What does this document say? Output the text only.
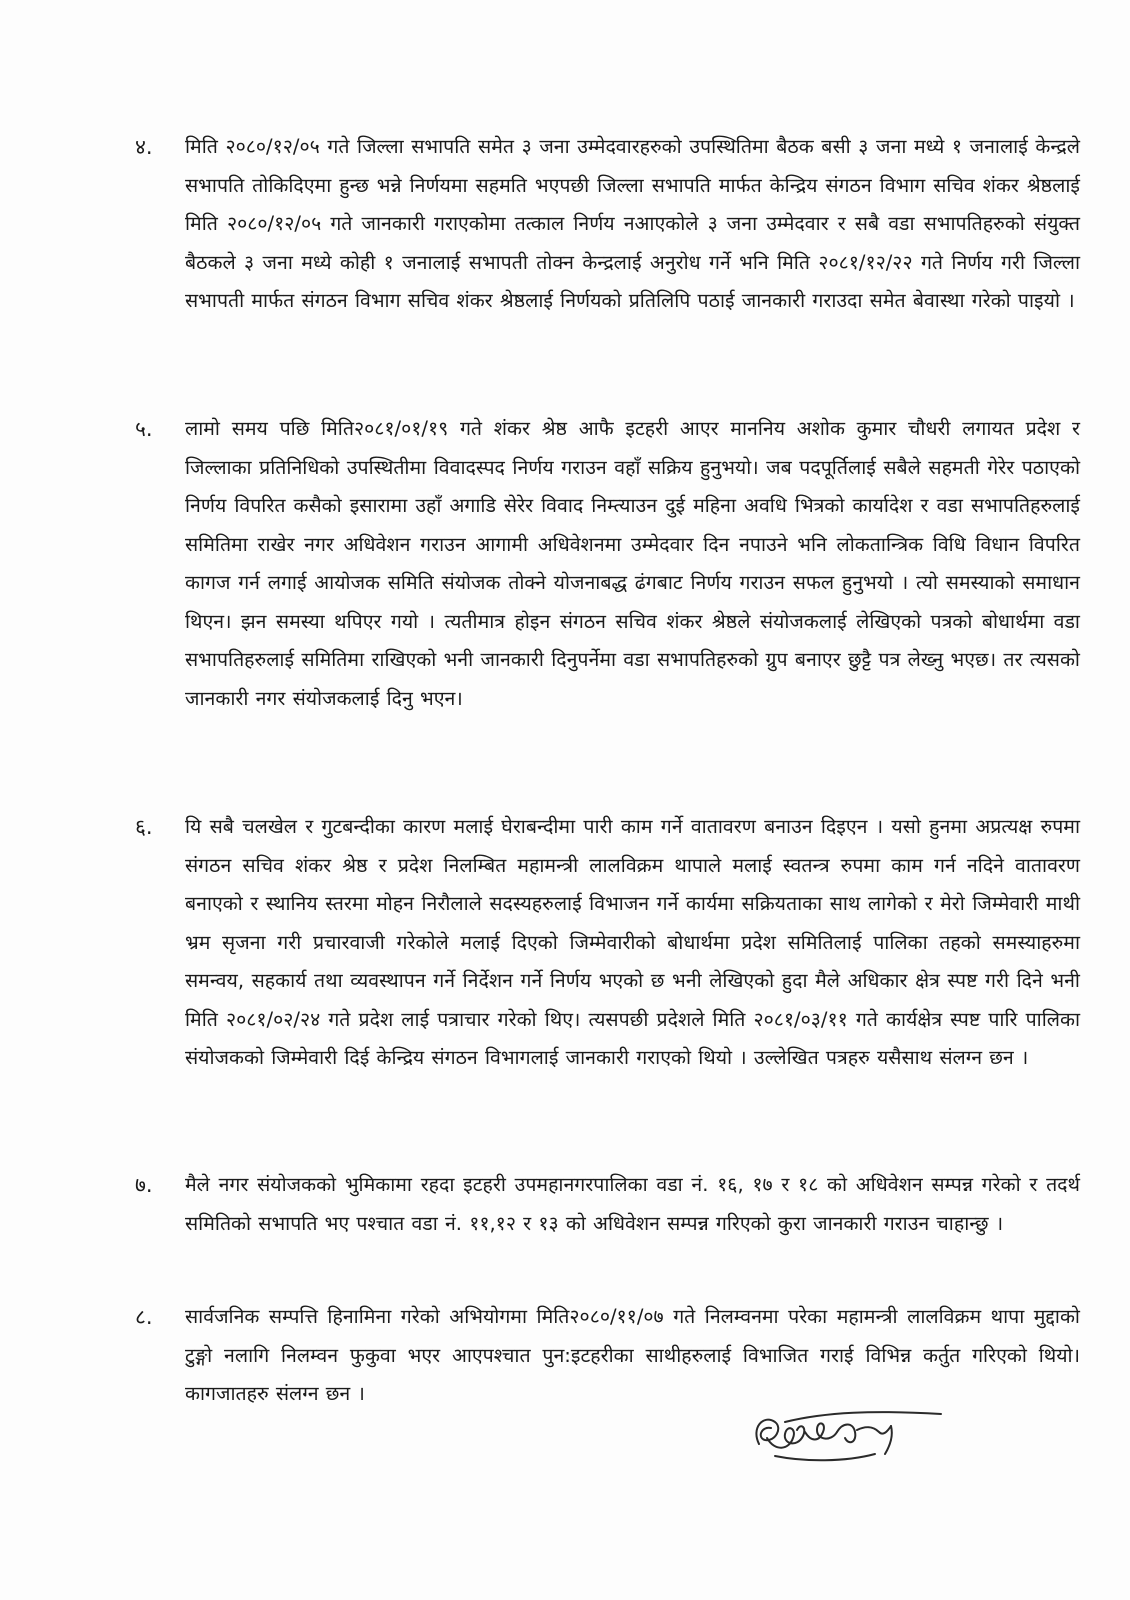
४.	मिति २०८०/१२/०५ गते जिल्ला सभापति समेत ३ जना उम्मेदवारहरुको उपस्थितिमा बैठक बसी ३ जना मध्ये १ जनालाई केन्द्रले सभापति तोकिदिएमा हुन्छ भन्ने निर्णयमा सहमति भएपछी जिल्ला सभापति मार्फत केन्द्रिय संगठन विभाग सचिव शंकर श्रेष्ठलाई मिति २०८०/१२/०५ गते जानकारी गराएकोमा तत्काल निर्णय नआएकोले ३ जना उम्मेदवार र सबै वडा सभापतिहरुको संयुक्त बैठकले ३ जना मध्ये कोही १ जनालाई सभापती तोक्न केन्द्रलाई अनुरोध गर्ने भनि मिति २०८१/१२/२२ गते निर्णय गरी जिल्ला सभापती मार्फत संगठन विभाग सचिव शंकर श्रेष्ठलाई निर्णयको प्रतिलिपि पठाई जानकारी गराउदा समेत बेवास्था गरेको पाइयो ।
५.	लामो समय पछि मिति२०८१/०१/१९ गते शंकर श्रेष्ठ आफै इटहरी आएर माननिय अशोक कुमार चौधरी लगायत प्रदेश र जिल्लाका प्रतिनिधिको उपस्थितीमा विवादस्पद निर्णय गराउन वहाँ सक्रिय हुनुभयो। जब पदपूर्तिलाई सबैले सहमती गेरेर पठाएको निर्णय विपरित कसैको इसारामा उहाँ अगाडि सेरेर विवाद निम्त्याउन दुई महिना अवधि भित्रको कार्यादेश र वडा सभापतिहरुलाई समितिमा राखेर नगर अधिवेशन गराउन आगामी अधिवेशनमा उम्मेदवार दिन नपाउने भनि लोकतान्त्रिक विधि विधान विपरित कागज गर्न लगाई आयोजक समिति संयोजक तोक्ने योजनाबद्ध ढंगबाट निर्णय गराउन सफल हुनुभयो । त्यो समस्याको समाधान थिएन। झन समस्या थपिएर गयो । त्यतीमात्र होइन संगठन सचिव शंकर श्रेष्ठले संयोजकलाई लेखिएको पत्रको बोधार्थमा वडा सभापतिहरुलाई समितिमा राखिएको भनी जानकारी दिनुपर्नेमा वडा सभापतिहरुको ग्रुप बनाएर छुट्टै पत्र लेख्नु भएछ। तर त्यसको जानकारी नगर संयोजकलाई दिनु भएन।
६.	यि सबै चलखेल र गुटबन्दीका कारण मलाई घेराबन्दीमा पारी काम गर्ने वातावरण बनाउन दिइएन । यसो हुनमा अप्रत्यक्ष रुपमा संगठन सचिव शंकर श्रेष्ठ र प्रदेश निलम्बित महामन्त्री लालविक्रम थापाले मलाई स्वतन्त्र रुपमा काम गर्न नदिने वातावरण बनाएको र स्थानिय स्तरमा मोहन निरौलाले सदस्यहरुलाई विभाजन गर्ने कार्यमा सक्रियताका साथ लागेको र मेरो जिम्मेवारी माथी भ्रम सृजना गरी प्रचारवाजी गरेकोले मलाई दिएको जिम्मेवारीको बोधार्थमा प्रदेश समितिलाई पालिका तहको समस्याहरुमा समन्वय, सहकार्य तथा व्यवस्थापन गर्ने निर्देशन गर्ने निर्णय भएको छ भनी लेखिएको हुदा मैले अधिकार क्षेत्र स्पष्ट गरी दिने भनी मिति २०८१/०२/२४ गते प्रदेश लाई पत्राचार गरेको थिए। त्यसपछी प्रदेशले मिति २०८१/०३/११ गते कार्यक्षेत्र स्पष्ट पारि पालिका संयोजकको जिम्मेवारी दिई केन्द्रिय संगठन विभागलाई जानकारी गराएको थियो । उल्लेखित पत्रहरु यसैसाथ संलग्न छन ।
७.	मैले नगर संयोजकको भुमिकामा रहदा इटहरी उपमहानगरपालिका वडा नं. १६, १७ र १८ को अधिवेशन सम्पन्न गरेको र तदर्थ समितिको सभापति भए पश्चात वडा नं. ११,१२ र १३ को अधिवेशन सम्पन्न गरिएको कुरा जानकारी गराउन चाहान्छु ।
८.	सार्वजनिक सम्पत्ति हिनामिना गरेको अभियोगमा मिति२०८०/११/०७ गते निलम्वनमा परेका महामन्त्री लालविक्रम थापा मुद्दाको टुङ्गो नलागि निलम्वन फुकुवा भएर आएपश्चात पुन:इटहरीका साथीहरुलाई विभाजित गराई विभिन्न कर्तुत गरिएको थियो। कागजातहरु संलग्न छन ।
